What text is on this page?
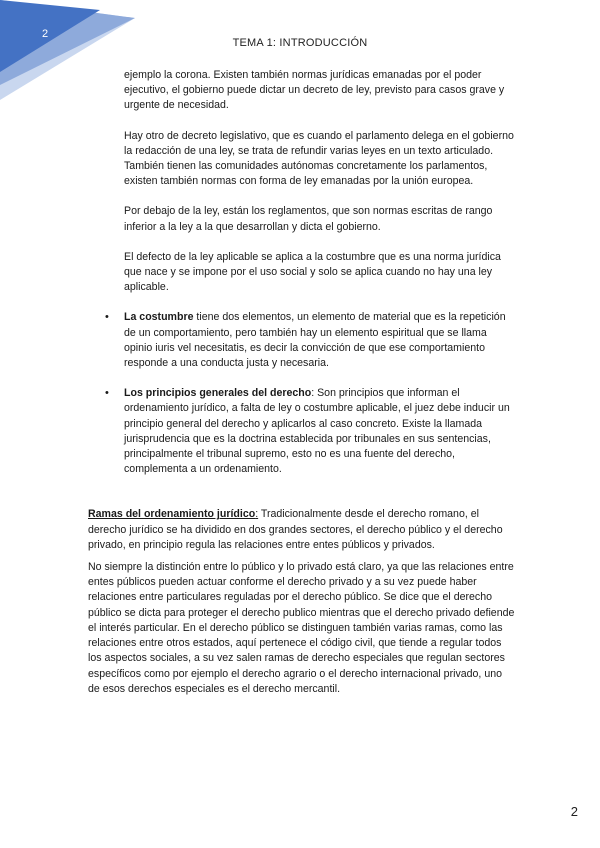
2
TEMA 1: INTRODUCCIÓN

ejemplo la corona. Existen también normas jurídicas emanadas por el poder ejecutivo, el gobierno puede dictar un decreto de ley, previsto para casos grave y urgente de necesidad.

Hay otro de decreto legislativo, que es cuando el parlamento delega en el gobierno la redacción de una ley, se trata de refundir varias leyes en un texto articulado. También tienen las comunidades autónomas concretamente los parlamentos, existen también normas con forma de ley emanadas por la unión europea.

Por debajo de la ley, están los reglamentos, que son normas escritas de rango inferior a la ley a la que desarrollan y dicta el gobierno.

El defecto de la ley aplicable se aplica a la costumbre que es una norma jurídica que nace y se impone por el uso social y solo se aplica cuando no hay una ley aplicable.

• La costumbre tiene dos elementos, un elemento de material que es la repetición de un comportamiento, pero también hay un elemento espiritual que se llama opinio iuris vel necesitatis, es decir la convicción de que ese comportamiento responde a una conducta justa y necesaria.
• Los principios generales del derecho: Son principios que informan el ordenamiento jurídico, a falta de ley o costumbre aplicable, el juez debe inducir un principio general del derecho y aplicarlos al caso concreto. Existe la llamada jurisprudencia que es la doctrina establecida por tribunales en sus sentencias, principalmente el tribunal supremo, esto no es una fuente del derecho, complementa a un ordenamiento.

Ramas del ordenamiento jurídico: Tradicionalmente desde el derecho romano, el derecho jurídico se ha dividido en dos grandes sectores, el derecho público y el derecho privado, en principio regula las relaciones entre entes públicos y privados.

No siempre la distinción entre lo público y lo privado está claro, ya que las relaciones entre entes públicos pueden actuar conforme el derecho privado y a su vez puede haber relaciones entre particulares reguladas por el derecho público. Se dice que el derecho público se dicta para proteger el derecho publico mientras que el derecho privado defiende el interés particular. En el derecho público se distinguen también varias ramas, como las relaciones entre otros estados, aquí pertenece el código civil, que tiende a regular todos los aspectos sociales, a su vez salen ramas de derecho especiales que regulan sectores específicos como por ejemplo el derecho agrario o el derecho internacional privado, uno de esos derechos especiales es el derecho mercantil.

2
